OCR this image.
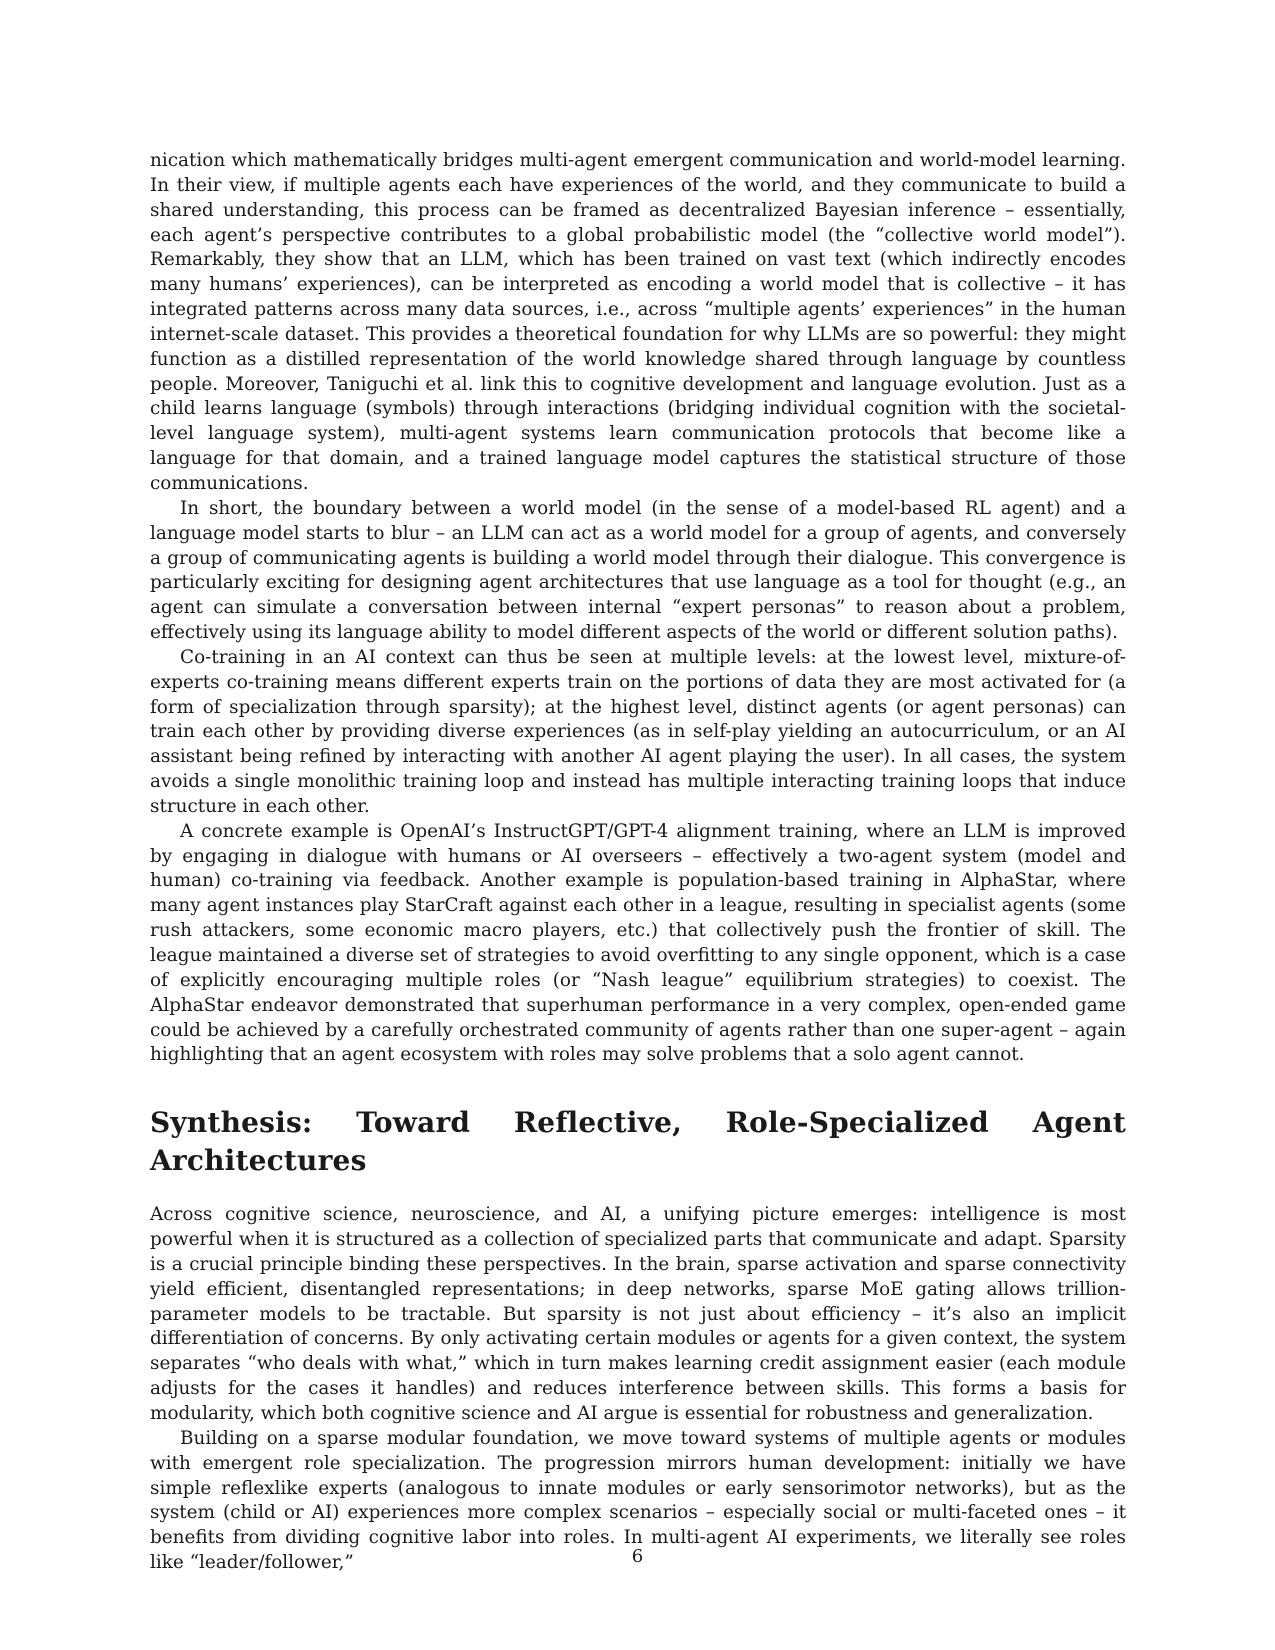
nication which mathematically bridges multi-agent emergent communication and world-model learning. In their view, if multiple agents each have experiences of the world, and they communicate to build a shared understanding, this process can be framed as decentralized Bayesian inference – essentially, each agent’s perspective contributes to a global probabilistic model (the “collective world model”). Remarkably, they show that an LLM, which has been trained on vast text (which indirectly encodes many humans’ experiences), can be interpreted as encoding a world model that is collective – it has integrated patterns across many data sources, i.e., across “multiple agents’ experiences” in the human internet-scale dataset. This provides a theoretical foundation for why LLMs are so powerful: they might function as a distilled representation of the world knowledge shared through language by countless people. Moreover, Taniguchi et al. link this to cognitive development and language evolution. Just as a child learns language (symbols) through interactions (bridging individual cognition with the societal-level language system), multi-agent systems learn communication protocols that become like a language for that domain, and a trained language model captures the statistical structure of those communications.

In short, the boundary between a world model (in the sense of a model-based RL agent) and a language model starts to blur – an LLM can act as a world model for a group of agents, and conversely a group of communicating agents is building a world model through their dialogue. This convergence is particularly exciting for designing agent architectures that use language as a tool for thought (e.g., an agent can simulate a conversation between internal “expert personas” to reason about a problem, effectively using its language ability to model different aspects of the world or different solution paths).

Co-training in an AI context can thus be seen at multiple levels: at the lowest level, mixture-of-experts co-training means different experts train on the portions of data they are most activated for (a form of specialization through sparsity); at the highest level, distinct agents (or agent personas) can train each other by providing diverse experiences (as in self-play yielding an autocurriculum, or an AI assistant being refined by interacting with another AI agent playing the user). In all cases, the system avoids a single monolithic training loop and instead has multiple interacting training loops that induce structure in each other.

A concrete example is OpenAI’s InstructGPT/GPT-4 alignment training, where an LLM is improved by engaging in dialogue with humans or AI overseers – effectively a two-agent system (model and human) co-training via feedback. Another example is population-based training in AlphaStar, where many agent instances play StarCraft against each other in a league, resulting in specialist agents (some rush attackers, some economic macro players, etc.) that collectively push the frontier of skill. The league maintained a diverse set of strategies to avoid overfitting to any single opponent, which is a case of explicitly encouraging multiple roles (or “Nash league” equilibrium strategies) to coexist. The AlphaStar endeavor demonstrated that superhuman performance in a very complex, open-ended game could be achieved by a carefully orchestrated community of agents rather than one super-agent – again highlighting that an agent ecosystem with roles may solve problems that a solo agent cannot.

Synthesis: Toward Reflective, Role-Specialized Agent Architectures

Across cognitive science, neuroscience, and AI, a unifying picture emerges: intelligence is most powerful when it is structured as a collection of specialized parts that communicate and adapt. Sparsity is a crucial principle binding these perspectives. In the brain, sparse activation and sparse connectivity yield efficient, disentangled representations; in deep networks, sparse MoE gating allows trillion-parameter models to be tractable. But sparsity is not just about efficiency – it’s also an implicit differentiation of concerns. By only activating certain modules or agents for a given context, the system separates “who deals with what,” which in turn makes learning credit assignment easier (each module adjusts for the cases it handles) and reduces interference between skills. This forms a basis for modularity, which both cognitive science and AI argue is essential for robustness and generalization.

Building on a sparse modular foundation, we move toward systems of multiple agents or modules with emergent role specialization. The progression mirrors human development: initially we have simple reflexlike experts (analogous to innate modules or early sensorimotor networks), but as the system (child or AI) experiences more complex scenarios – especially social or multi-faceted ones – it benefits from dividing cognitive labor into roles. In multi-agent AI experiments, we literally see roles like “leader/follower,”	6
